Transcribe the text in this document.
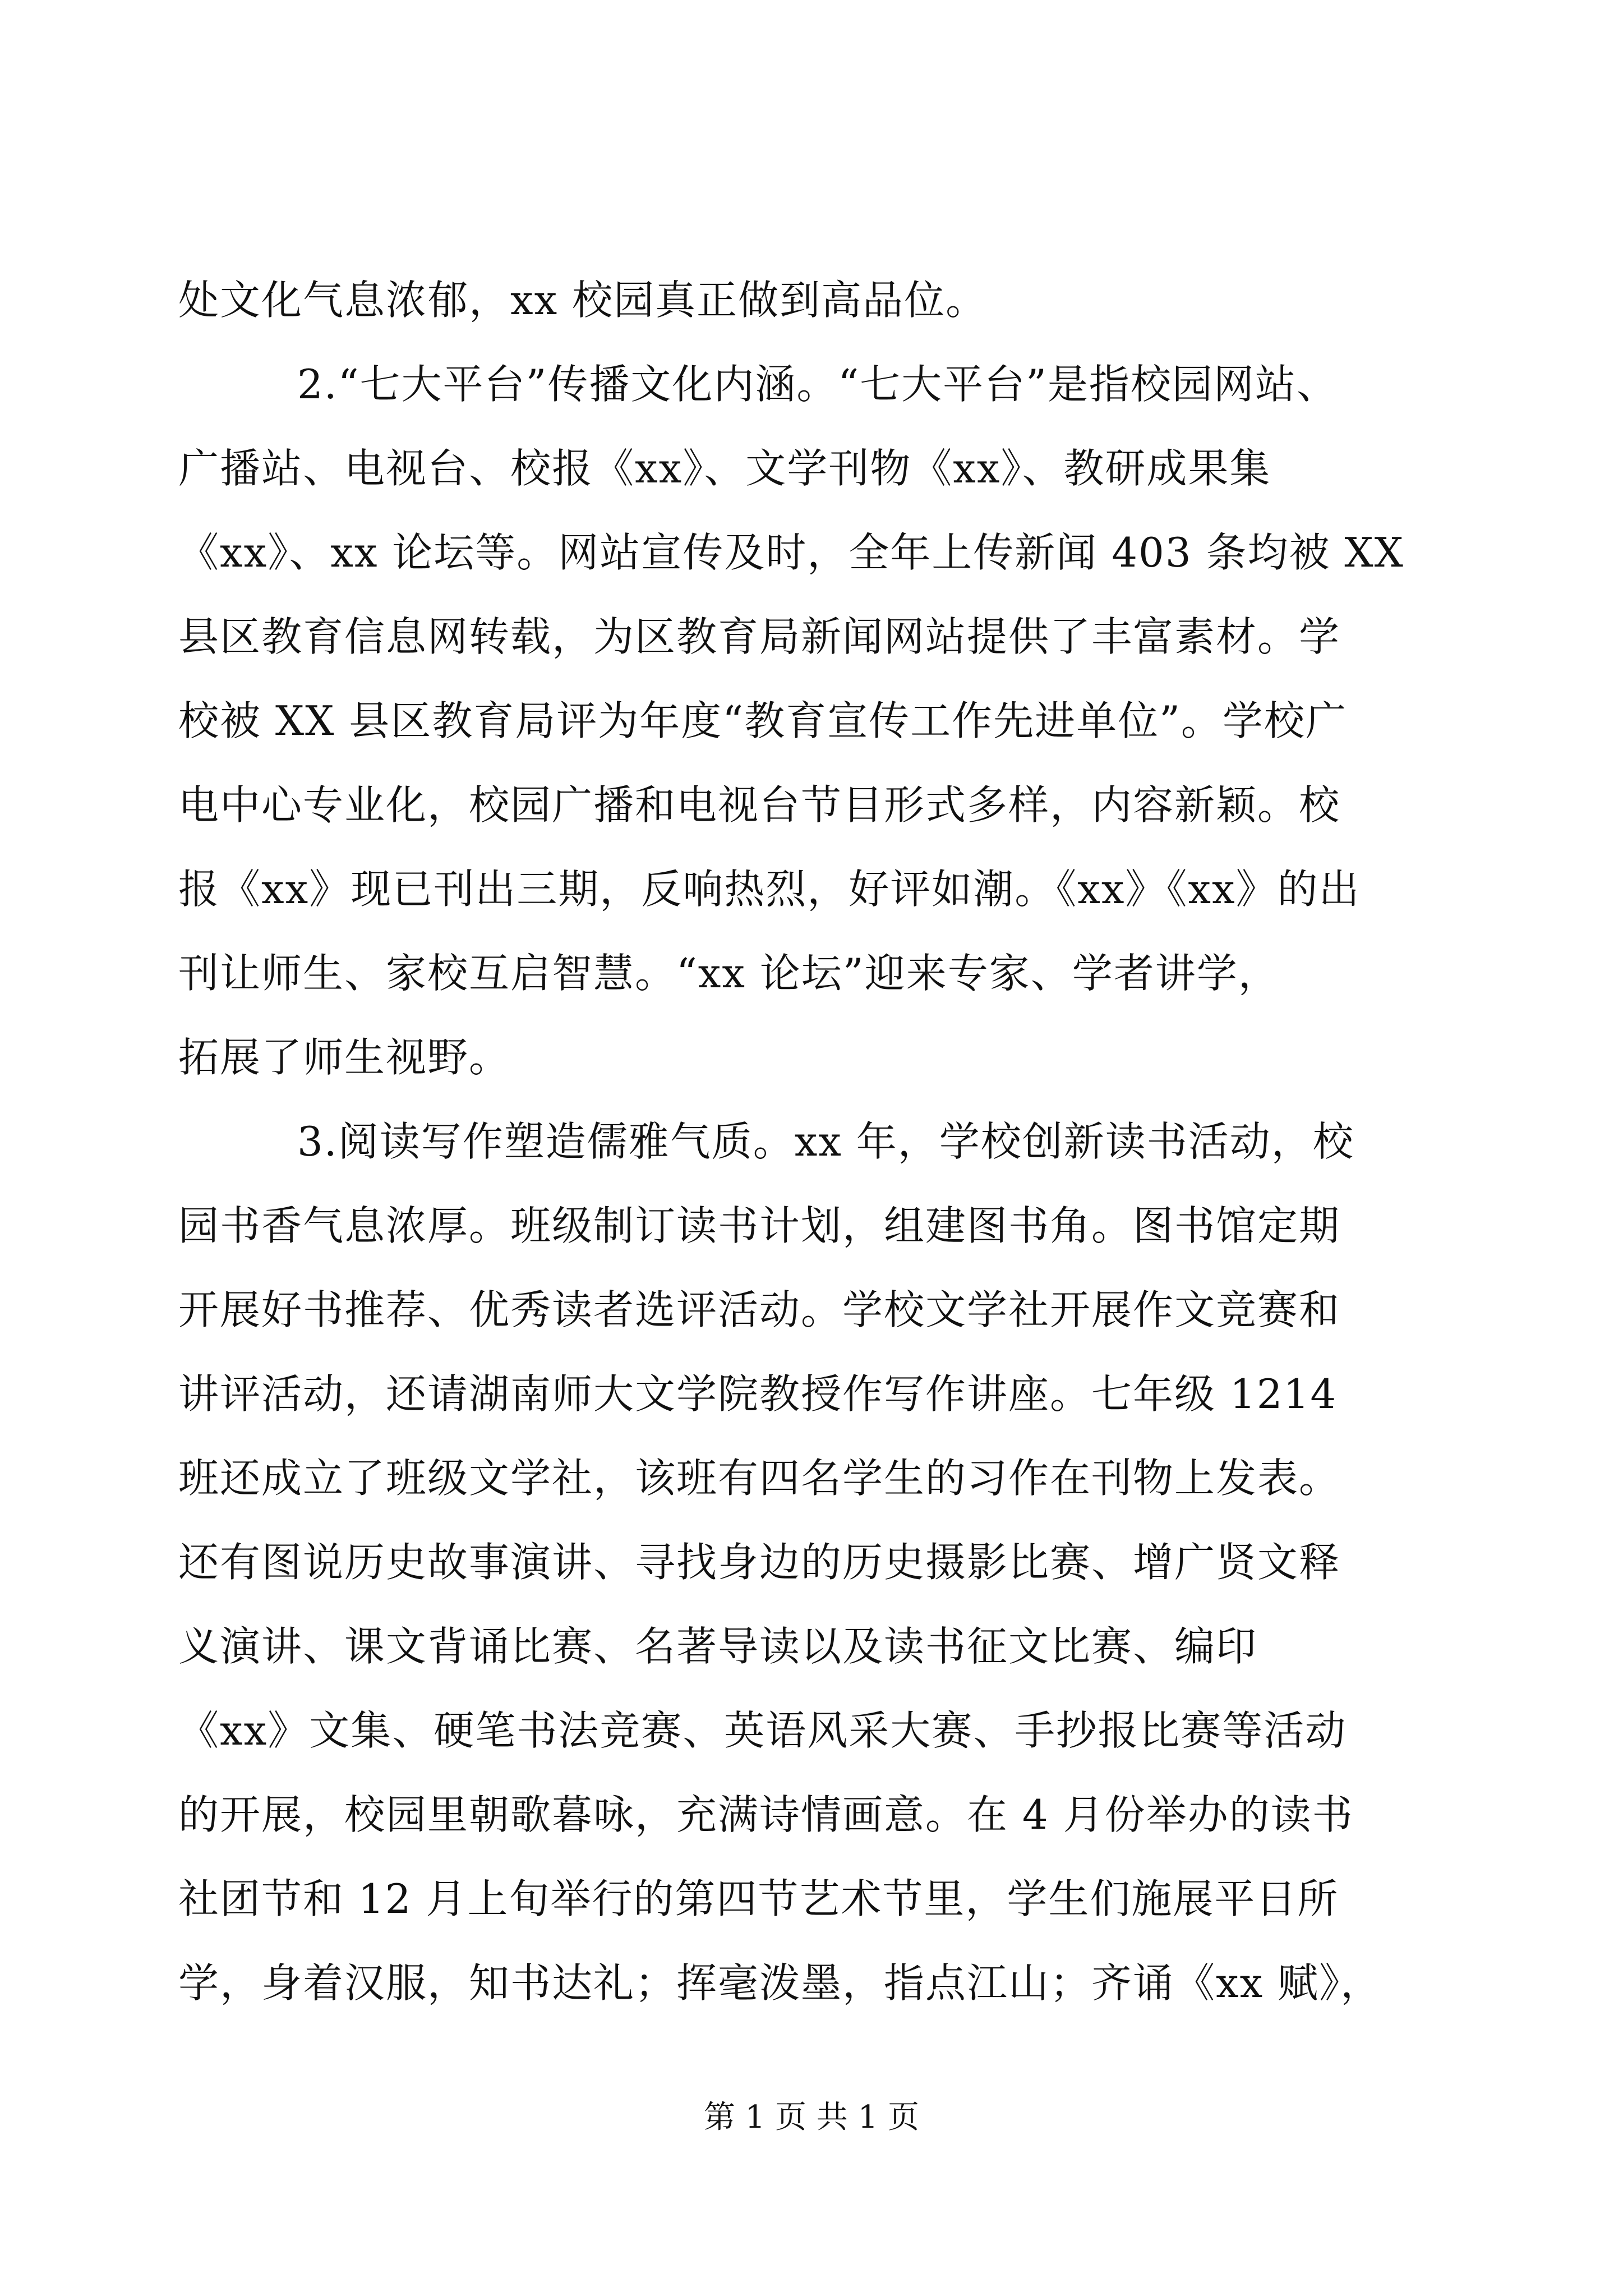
处文化气息浓郁，xx 校园真正做到高品位。
2.“七大平台”传播文化内涵。“七大平台”是指校园网站、
广播站、电视台、校报《xx》、文学刊物《xx》、教研成果集
《xx》、xx 论坛等。网站宣传及时，全年上传新闻 403 条均被 XX
县区教育信息网转载，为区教育局新闻网站提供了丰富素材。学
校被 XX 县区教育局评为年度“教育宣传工作先进单位”。学校广
电中心专业化，校园广播和电视台节目形式多样，内容新颖。校
报《xx》现已刊出三期，反响热烈，好评如潮。《xx》《xx》的出
刊让师生、家校互启智慧。“xx 论坛”迎来专家、学者讲学，
拓展了师生视野。
3.阅读写作塑造儒雅气质。xx 年，学校创新读书活动，校
园书香气息浓厚。班级制订读书计划，组建图书角。图书馆定期
开展好书推荐、优秀读者选评活动。学校文学社开展作文竞赛和
讲评活动，还请湖南师大文学院教授作写作讲座。七年级 1214
班还成立了班级文学社，该班有四名学生的习作在刊物上发表。
还有图说历史故事演讲、寻找身边的历史摄影比赛、增广贤文释
义演讲、课文背诵比赛、名著导读以及读书征文比赛、编印
《xx》文集、硬笔书法竞赛、英语风采大赛、手抄报比赛等活动
的开展，校园里朝歌暮咏，充满诗情画意。在 4 月份举办的读书
社团节和 12 月上旬举行的第四节艺术节里，学生们施展平日所
学，身着汉服，知书达礼；挥毫泼墨，指点江山；齐诵《xx 赋》，
第 1 页 共 1 页
